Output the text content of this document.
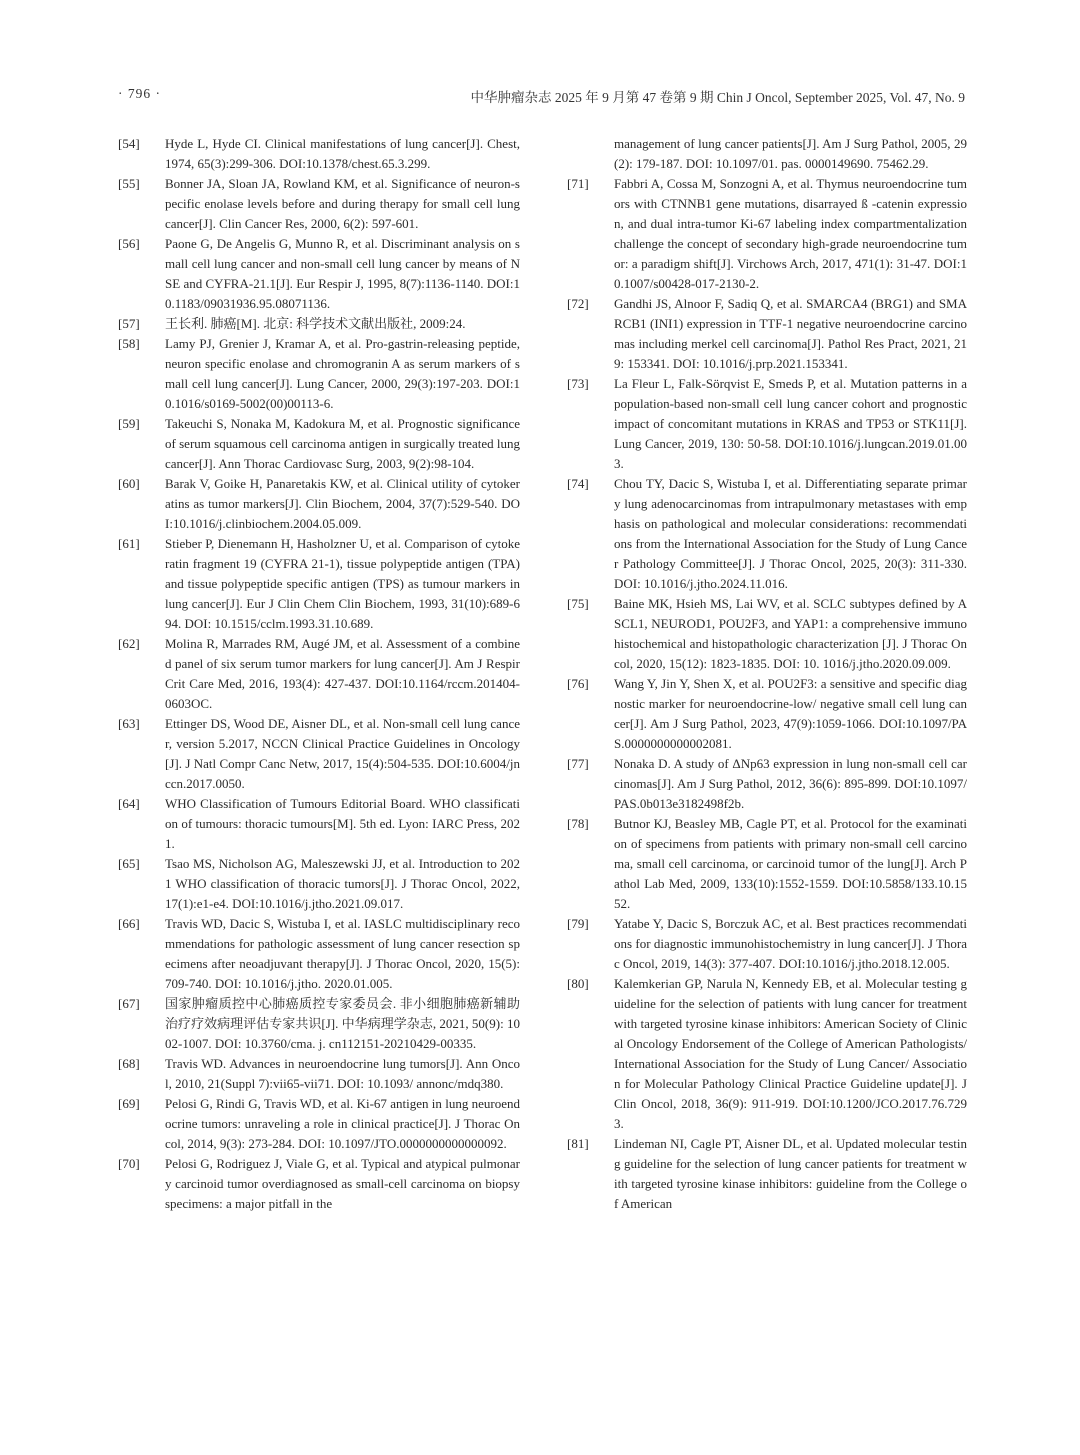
· 796 ·	中华肿瘤杂志 2025 年 9 月第 47 卷第 9 期 Chin J Oncol, September 2025, Vol. 47, No. 9
[54] Hyde L, Hyde CI. Clinical manifestations of lung cancer[J]. Chest, 1974, 65(3):299-306. DOI:10.1378/chest.65.3.299.
[55] Bonner JA, Sloan JA, Rowland KM, et al. Significance of neuron-specific enolase levels before and during therapy for small cell lung cancer[J]. Clin Cancer Res, 2000, 6(2): 597-601.
[56] Paone G, De Angelis G, Munno R, et al. Discriminant analysis on small cell lung cancer and non-small cell lung cancer by means of NSE and CYFRA-21.1[J]. Eur Respir J, 1995, 8(7):1136-1140. DOI:10.1183/09031936.95.08071136.
[57] 王长利. 肺癌[M]. 北京: 科学技术文献出版社, 2009:24.
[58] Lamy PJ, Grenier J, Kramar A, et al. Pro-gastrin-releasing peptide, neuron specific enolase and chromogranin A as serum markers of small cell lung cancer[J]. Lung Cancer, 2000, 29(3):197-203. DOI:10.1016/s0169-5002(00)00113-6.
[59] Takeuchi S, Nonaka M, Kadokura M, et al. Prognostic significance of serum squamous cell carcinoma antigen in surgically treated lung cancer[J]. Ann Thorac Cardiovasc Surg, 2003, 9(2):98-104.
[60] Barak V, Goike H, Panaretakis KW, et al. Clinical utility of cytokeratins as tumor markers[J]. Clin Biochem, 2004, 37(7):529-540. DOI:10.1016/j.clinbiochem.2004.05.009.
[61] Stieber P, Dienemann H, Hasholzner U, et al. Comparison of cytokeratin fragment 19 (CYFRA 21-1), tissue polypeptide antigen (TPA) and tissue polypeptide specific antigen (TPS) as tumour markers in lung cancer[J]. Eur J Clin Chem Clin Biochem, 1993, 31(10):689-694. DOI: 10.1515/cclm.1993.31.10.689.
[62] Molina R, Marrades RM, Augé JM, et al. Assessment of a combined panel of six serum tumor markers for lung cancer[J]. Am J Respir Crit Care Med, 2016, 193(4): 427-437. DOI:10.1164/rccm.201404-0603OC.
[63] Ettinger DS, Wood DE, Aisner DL, et al. Non-small cell lung cancer, version 5.2017, NCCN Clinical Practice Guidelines in Oncology[J]. J Natl Compr Canc Netw, 2017, 15(4):504-535. DOI:10.6004/jnccn.2017.0050.
[64] WHO Classification of Tumours Editorial Board. WHO classification of tumours: thoracic tumours[M]. 5th ed. Lyon: IARC Press, 2021.
[65] Tsao MS, Nicholson AG, Maleszewski JJ, et al. Introduction to 2021 WHO classification of thoracic tumors[J]. J Thorac Oncol, 2022, 17(1):e1-e4. DOI:10.1016/j.jtho.2021.09.017.
[66] Travis WD, Dacic S, Wistuba I, et al. IASLC multidisciplinary recommendations for pathologic assessment of lung cancer resection specimens after neoadjuvant therapy[J]. J Thorac Oncol, 2020, 15(5): 709-740. DOI: 10.1016/j.jtho. 2020.01.005.
[67] 国家肿瘤质控中心肺癌质控专家委员会. 非小细胞肺癌新辅助治疗疗效病理评估专家共识[J]. 中华病理学杂志, 2021, 50(9): 1002-1007. DOI: 10.3760/cma. j. cn112151-20210429-00335.
[68] Travis WD. Advances in neuroendocrine lung tumors[J]. Ann Oncol, 2010, 21(Suppl 7):vii65-vii71. DOI: 10.1093/ annonc/mdq380.
[69] Pelosi G, Rindi G, Travis WD, et al. Ki-67 antigen in lung neuroendocrine tumors: unraveling a role in clinical practice[J]. J Thorac Oncol, 2014, 9(3): 273-284. DOI: 10.1097/JTO.0000000000000092.
[70] Pelosi G, Rodriguez J, Viale G, et al. Typical and atypical pulmonary carcinoid tumor overdiagnosed as small-cell carcinoma on biopsy specimens: a major pitfall in the
management of lung cancer patients[J]. Am J Surg Pathol, 2005, 29(2): 179-187. DOI: 10.1097/01. pas. 0000149690. 75462.29.
[71] Fabbri A, Cossa M, Sonzogni A, et al. Thymus neuroendocrine tumors with CTNNB1 gene mutations, disarrayed ß -catenin expression, and dual intra-tumor Ki-67 labeling index compartmentalization challenge the concept of secondary high-grade neuroendocrine tumor: a paradigm shift[J]. Virchows Arch, 2017, 471(1): 31-47. DOI:10.1007/s00428-017-2130-2.
[72] Gandhi JS, Alnoor F, Sadiq Q, et al. SMARCA4 (BRG1) and SMARCB1 (INI1) expression in TTF-1 negative neuroendocrine carcinomas including merkel cell carcinoma[J]. Pathol Res Pract, 2021, 219: 153341. DOI: 10.1016/j.prp.2021.153341.
[73] La Fleur L, Falk-Sörqvist E, Smeds P, et al. Mutation patterns in a population-based non-small cell lung cancer cohort and prognostic impact of concomitant mutations in KRAS and TP53 or STK11[J]. Lung Cancer, 2019, 130: 50-58. DOI:10.1016/j.lungcan.2019.01.003.
[74] Chou TY, Dacic S, Wistuba I, et al. Differentiating separate primary lung adenocarcinomas from intrapulmonary metastases with emphasis on pathological and molecular considerations: recommendations from the International Association for the Study of Lung Cancer Pathology Committee[J]. J Thorac Oncol, 2025, 20(3): 311-330. DOI: 10.1016/j.jtho.2024.11.016.
[75] Baine MK, Hsieh MS, Lai WV, et al. SCLC subtypes defined by ASCL1, NEUROD1, POU2F3, and YAP1: a comprehensive immunohistochemical and histopathologic characterization [J]. J Thorac Oncol, 2020, 15(12): 1823-1835. DOI: 10. 1016/j.jtho.2020.09.009.
[76] Wang Y, Jin Y, Shen X, et al. POU2F3: a sensitive and specific diagnostic marker for neuroendocrine-low/ negative small cell lung cancer[J]. Am J Surg Pathol, 2023, 47(9):1059-1066. DOI:10.1097/PAS.0000000000002081.
[77] Nonaka D. A study of ΔNp63 expression in lung non-small cell carcinomas[J]. Am J Surg Pathol, 2012, 36(6): 895-899. DOI:10.1097/PAS.0b013e3182498f2b.
[78] Butnor KJ, Beasley MB, Cagle PT, et al. Protocol for the examination of specimens from patients with primary non-small cell carcinoma, small cell carcinoma, or carcinoid tumor of the lung[J]. Arch Pathol Lab Med, 2009, 133(10):1552-1559. DOI:10.5858/133.10.1552.
[79] Yatabe Y, Dacic S, Borczuk AC, et al. Best practices recommendations for diagnostic immunohistochemistry in lung cancer[J]. J Thorac Oncol, 2019, 14(3): 377-407. DOI:10.1016/j.jtho.2018.12.005.
[80] Kalemkerian GP, Narula N, Kennedy EB, et al. Molecular testing guideline for the selection of patients with lung cancer for treatment with targeted tyrosine kinase inhibitors: American Society of Clinical Oncology Endorsement of the College of American Pathologists/ International Association for the Study of Lung Cancer/ Association for Molecular Pathology Clinical Practice Guideline update[J]. J Clin Oncol, 2018, 36(9): 911-919. DOI:10.1200/JCO.2017.76.7293.
[81] Lindeman NI, Cagle PT, Aisner DL, et al. Updated molecular testing guideline for the selection of lung cancer patients for treatment with targeted tyrosine kinase inhibitors: guideline from the College of American
